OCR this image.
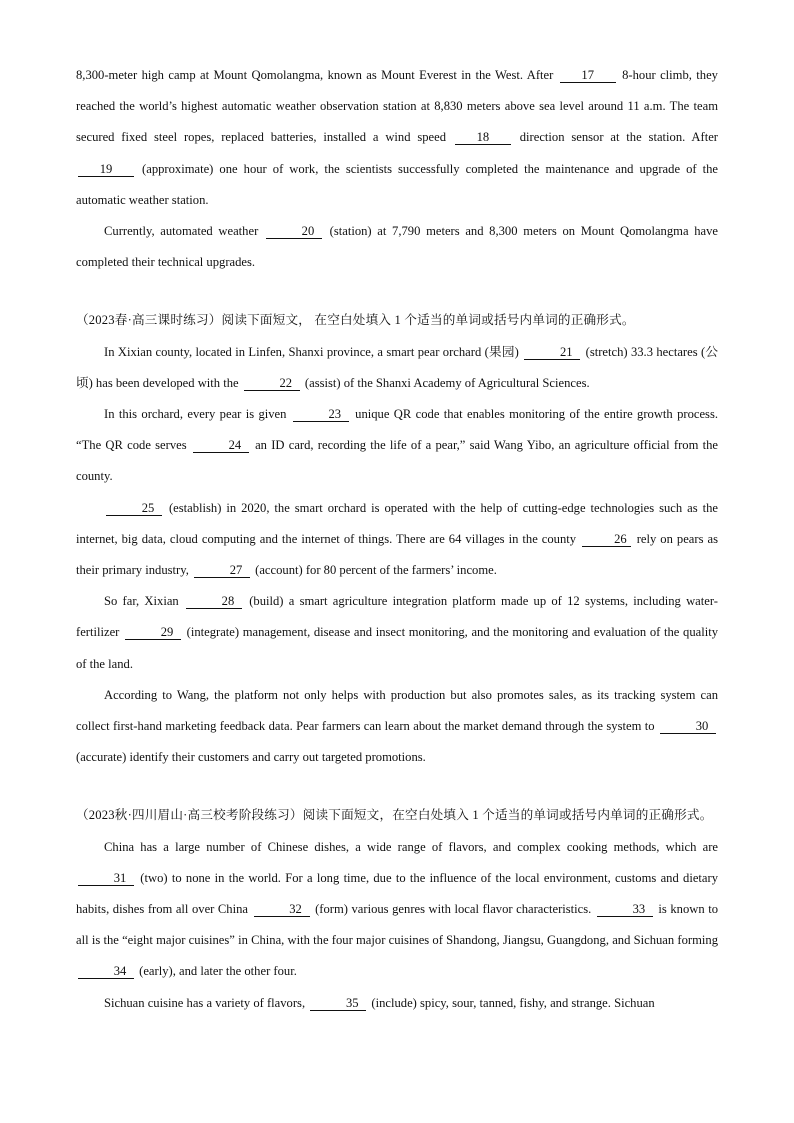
8,300-meter high camp at Mount Qomolangma, known as Mount Everest in the West. After 17 8-hour climb, they reached the world’s highest automatic weather observation station at 8,830 meters above sea level around 11 a.m. The team secured fixed steel ropes, replaced batteries, installed a wind speed 18 direction sensor at the station. After 19 (approximate) one hour of work, the scientists successfully completed the maintenance and upgrade of the automatic weather station.

Currently, automated weather	20 (station) at 7,790 meters and 8,300 meters on Mount Qomolangma have completed their technical upgrades.

（2023春·高三课时练习）阅读下面短文， 在空白处填入 1 个适当的单词或括号内单词的正确形式。

In Xixian county, located in Linfen, Shanxi province, a smart pear orchard (果园)	21 (stretch) 33.3 hectares (公顷) has been developed with the	22 (assist) of the Shanxi Academy of Agricultural Sciences.

In this orchard, every pear is given	23 unique QR code that enables monitoring of the entire growth process. “The QR code serves	24 an ID card, recording the life of a pear,” said Wang Yibo, an agriculture official from the county.

25 (establish) in 2020, the smart orchard is operated with the help of cutting-edge technologies such as the internet, big data, cloud computing and the internet of things. There are 64 villages in the county	26 rely on pears as their primary industry,	27 (account) for 80 percent of the farmers’ income.

So far, Xixian	28 (build) a smart agriculture integration platform made up of 12 systems, including water-fertilizer	29 (integrate) management, disease and insect monitoring, and the monitoring and evaluation of the quality of the land.

According to Wang, the platform not only helps with production but also promotes sales, as its tracking system can collect first-hand marketing feedback data. Pear farmers can learn about the market demand through the system to	30 (accurate) identify their customers and carry out targeted promotions.

（2023秋·四川眉山·高三校考阶段练习）阅读下面短文，在空白处填入 1 个适当的单词或括号内单词的正确形式。

China has a large number of Chinese dishes, a wide range of flavors, and complex cooking methods, which are 31 (two) to none in the world. For a long time, due to the influence of the local environment, customs and dietary habits, dishes from all over China	32 (form) various genres with local flavor characteristics.	33 is known to all is the “eight major cuisines” in China, with the four major cuisines of Shandong, Jiangsu, Guangdong, and Sichuan forming 34 (early), and later the other four.

Sichuan cuisine has a variety of flavors,	35 (include) spicy, sour, tanned, fishy, and strange. Sichuan
